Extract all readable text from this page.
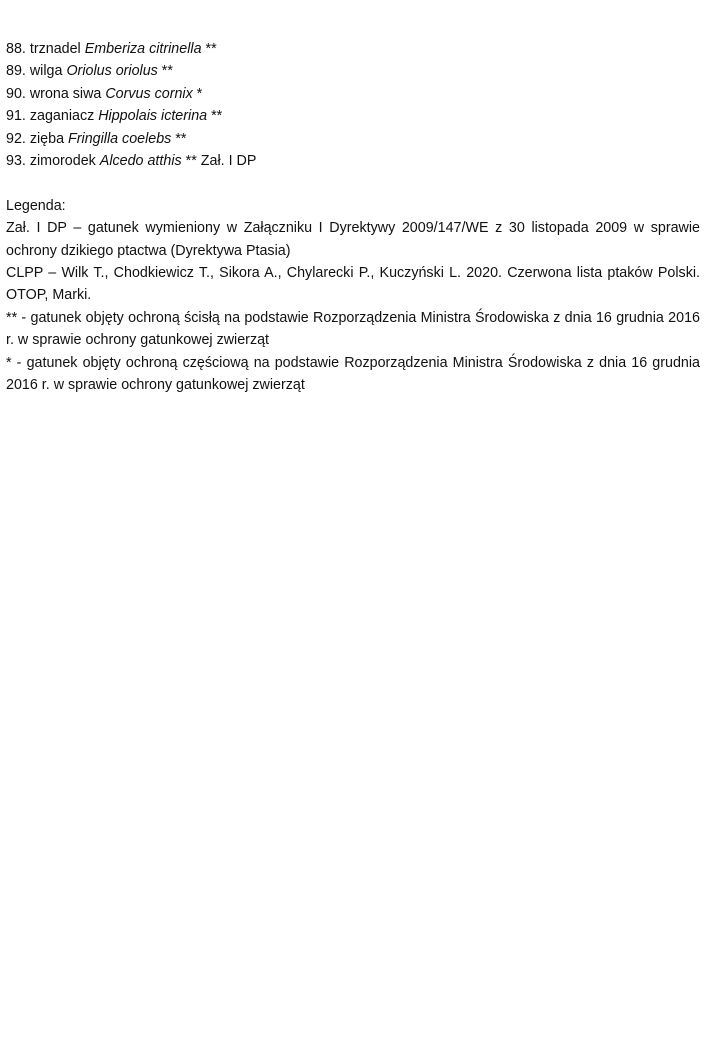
88. trznadel Emberiza citrinella **
89. wilga Oriolus oriolus **
90. wrona siwa Corvus cornix *
91. zaganiacz Hippolais icterina **
92. zięba Fringilla coelebs **
93. zimorodek Alcedo atthis ** Zał. I DP

Legenda:

Zał. I DP – gatunek wymieniony w Załączniku I Dyrektywy 2009/147/WE z 30 listopada 2009 w sprawie ochrony dzikiego ptactwa (Dyrektywa Ptasia)

CLPP – Wilk T., Chodkiewicz T., Sikora A., Chylarecki P., Kuczyński L. 2020. Czerwona lista ptaków Polski. OTOP, Marki.

** - gatunek objęty ochroną ścisłą na podstawie Rozporządzenia Ministra Środowiska z dnia 16 grudnia 2016 r. w sprawie ochrony gatunkowej zwierząt

* - gatunek objęty ochroną częściową na podstawie Rozporządzenia Ministra Środowiska z dnia 16 grudnia 2016 r. w sprawie ochrony gatunkowej zwierząt
